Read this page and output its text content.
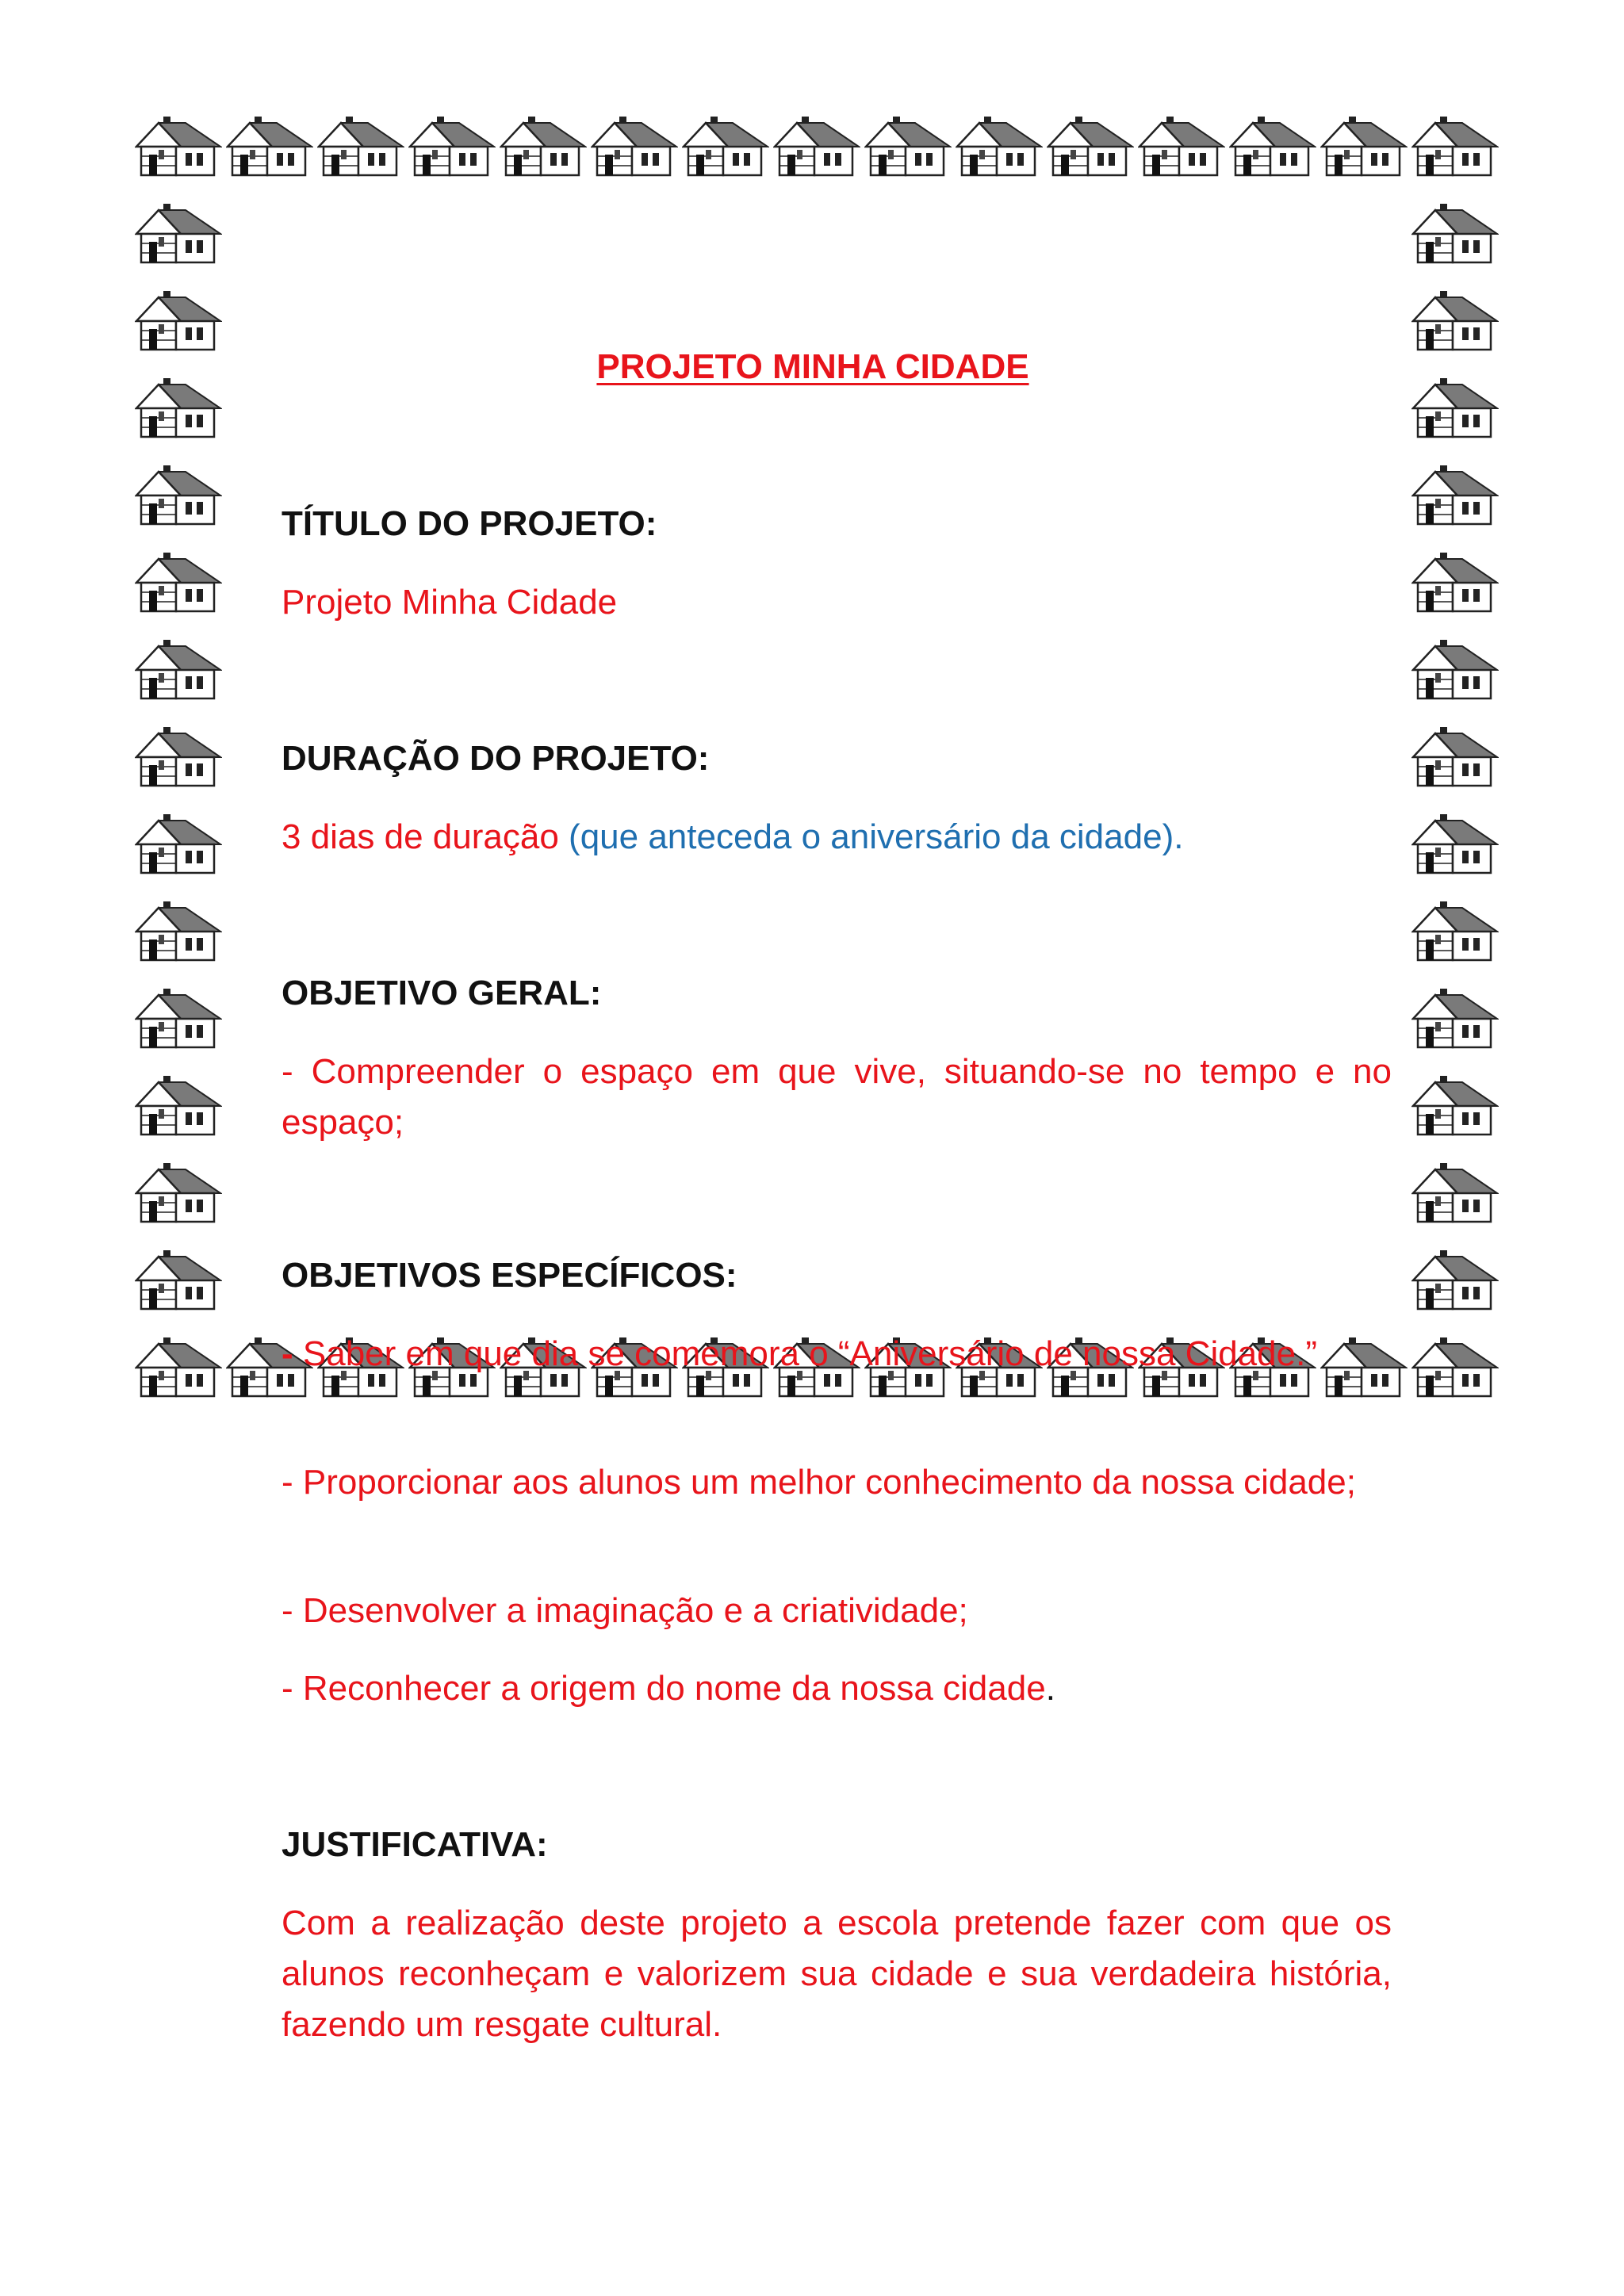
PROJETO MINHA CIDADE
TÍTULO DO PROJETO:
Projeto Minha Cidade
DURAÇÃO DO PROJETO:
3 dias de duração (que anteceda o aniversário da cidade).
OBJETIVO GERAL:
- Compreender o espaço em que vive, situando-se no tempo e no espaço;
OBJETIVOS ESPECÍFICOS:
- Saber em que dia se comemora o “Aniversário de nossa Cidade.”
- Proporcionar aos alunos um melhor conhecimento da nossa cidade;
- Desenvolver a imaginação e a criatividade;
- Reconhecer a origem do nome da nossa cidade.
JUSTIFICATIVA:
Com a realização deste projeto a escola pretende fazer com que os alunos reconheçam e valorizem sua cidade e sua verdadeira história, fazendo um resgate cultural.
